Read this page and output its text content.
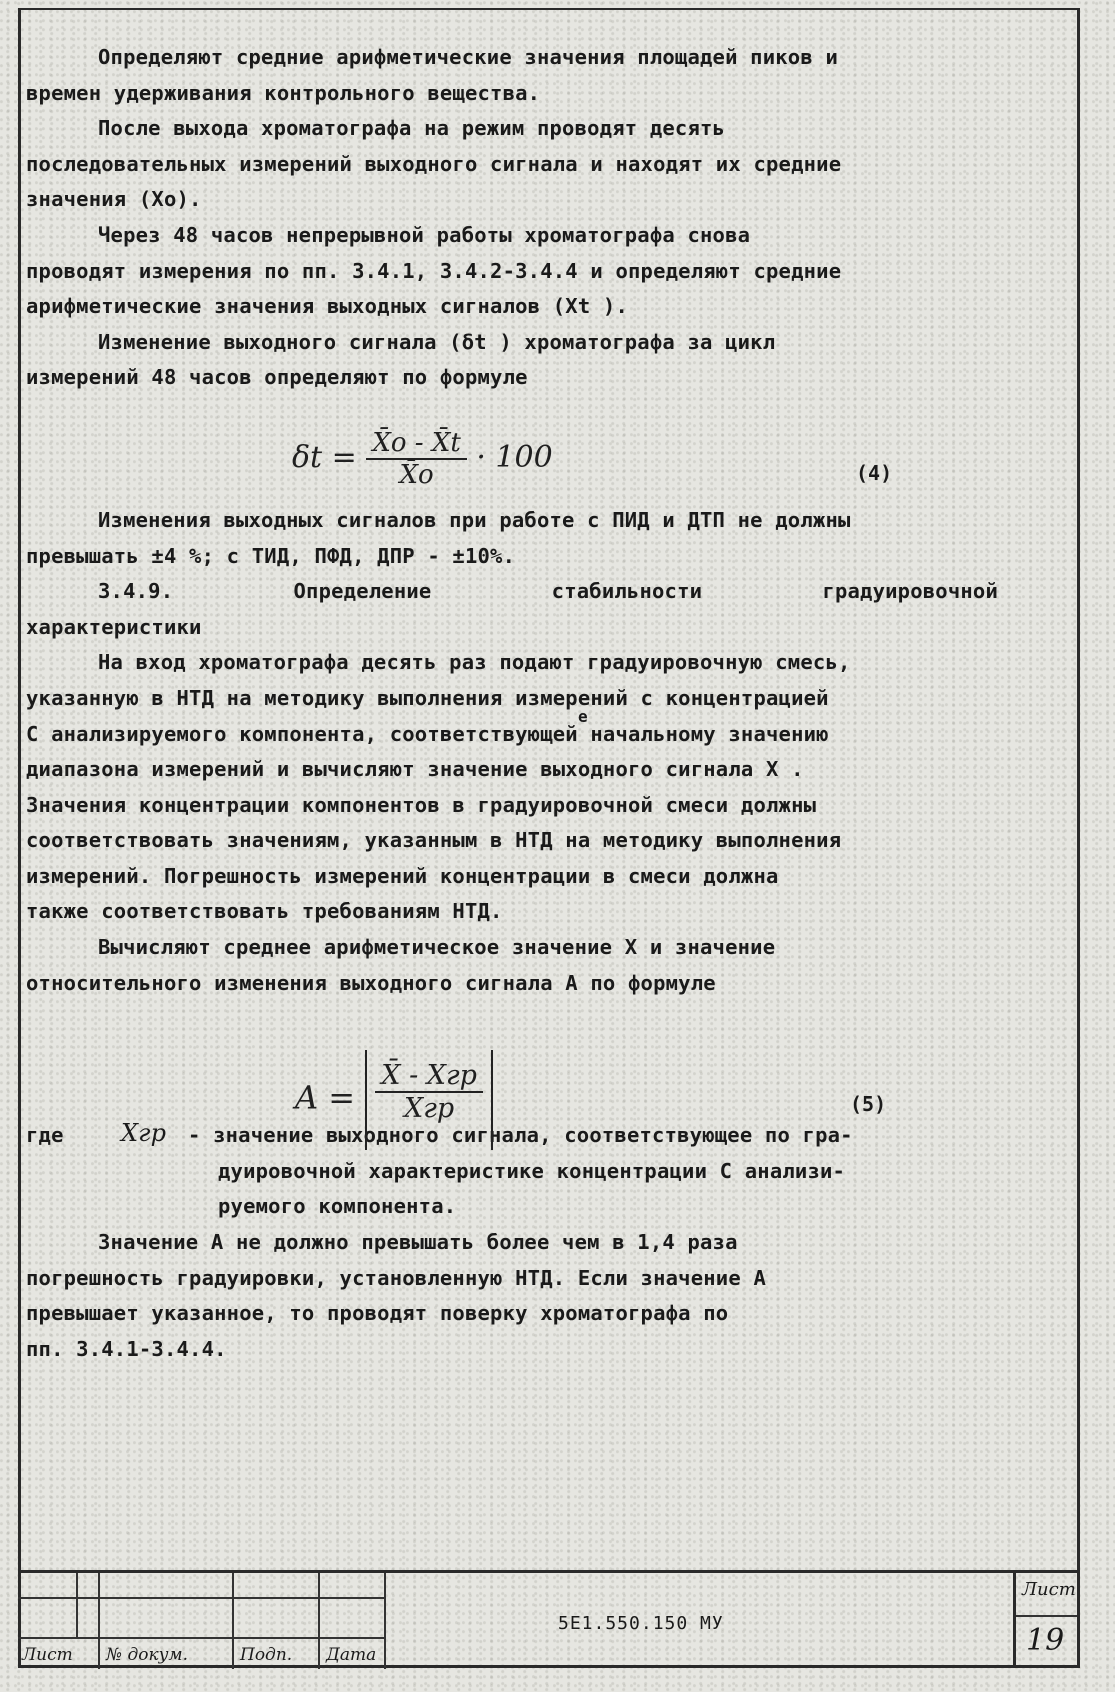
Определяют средние арифметические значения площадей пиков и
времен удерживания контрольного вещества.
После выхода хроматографа на режим проводят десять
последовательных измерений выходного сигнала и находят их средние
значения (Хо).
Через 48 часов непрерывной работы хроматографа снова
проводят измерения по пп. 3.4.1, 3.4.2-3.4.4 и определяют средние
арифметические значения выходных сигналов (Хt ).
Изменение выходного сигнала (δt ) хроматографа за цикл
измерений 48 часов определяют по формуле
Изменения выходных сигналов при работе с ПИД и ДТП не должны
превышать ±4 %; с ТИД, ПФД, ДПР - ±10%.
3.4.9.	Определение	стабильности	градуировочной
характеристики
На вход хроматографа десять раз подают градуировочную смесь,
указанную в НТД на методику выполнения измерений с концентрацией
е
С анализируемого компонента, соответствующей начальному значению
диапазона измерений и вычисляют значение выходного сигнала Х .
Значения концентрации компонентов в градуировочной смеси должны
соответствовать значениям, указанным в НТД на методику выполнения
измерений. Погрешность измерений концентрации в смеси должна
также соответствовать требованиям НТД.
Вычисляют среднее арифметическое значение Х и значение
относительного изменения выходного сигнала А по формуле
где Хгр - значение выходного сигнала, соответствующее по гра-
дуировочной характеристике концентрации С анализи-
руемого компонента.
Значение А не должно превышать более чем в 1,4 раза
погрешность градуировки, установленную НТД. Если значение А
превышает указанное, то проводят поверку хроматографа по
пп. 3.4.1-3.4.4.
$\delta t = \frac{X̄o - X̄t}{X̄o} \cdot 100$	(4)
$A = \frac{\text{X̄ - Xгр}}{\text{Xгр}}$	(5)
Лист № докум.	Подп. Дата
5Е1.550.150 МУ
Лист
19
